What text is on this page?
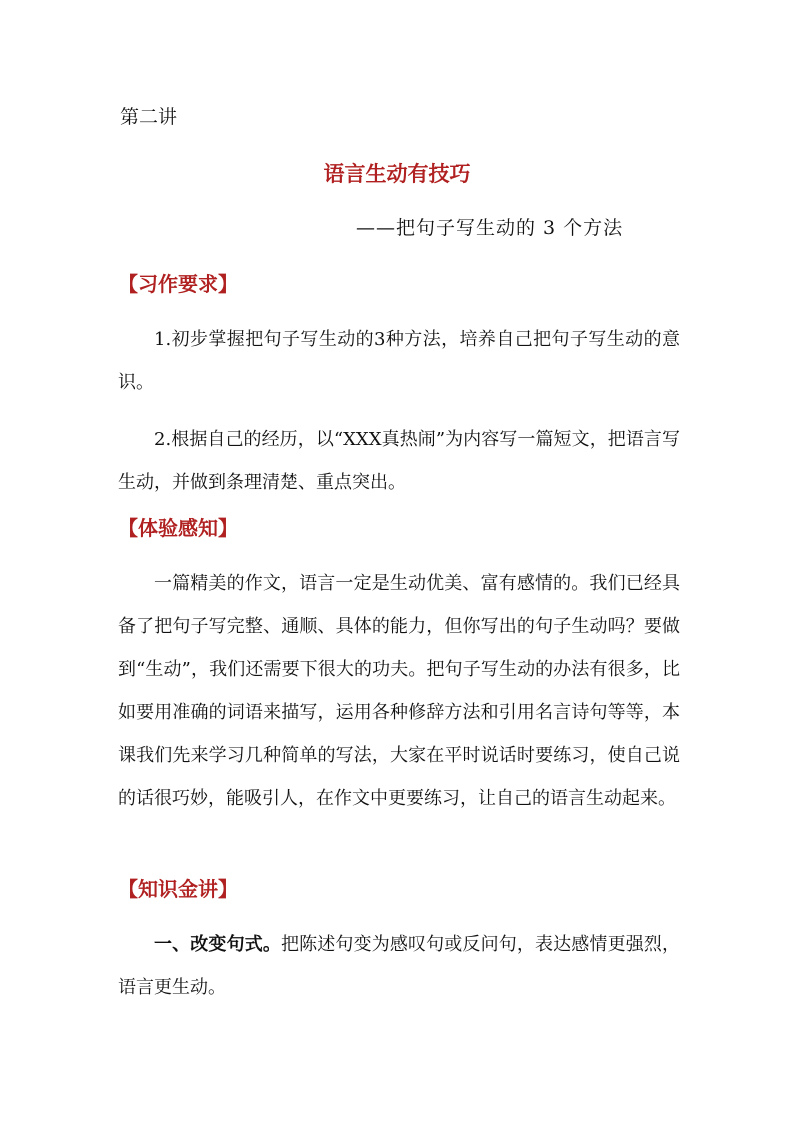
第二讲
语言生动有技巧
——把句子写生动的 3 个方法
【习作要求】

1.初步掌握把句子写生动的3种方法，培养自己把句子写生动的意识。

2.根据自己的经历，以“XXX真热闹”为内容写一篇短文，把语言写生动，并做到条理清楚、重点突出。

【体验感知】

一篇精美的作文，语言一定是生动优美、富有感情的。我们已经具备了把句子写完整、通顺、具体的能力，但你写出的句子生动吗？要做到“生动”，我们还需要下很大的功夫。把句子写生动的办法有很多，比如要用准确的词语来描写，运用各种修辞方法和引用名言诗句等等，本课我们先来学习几种简单的写法，大家在平时说话时要练习，使自己说的话很巧妙，能吸引人，在作文中更要练习，让自己的语言生动起来。

【知识金讲】

一、改变句式。把陈述句变为感叹句或反问句，表达感情更强烈，语言更生动。
